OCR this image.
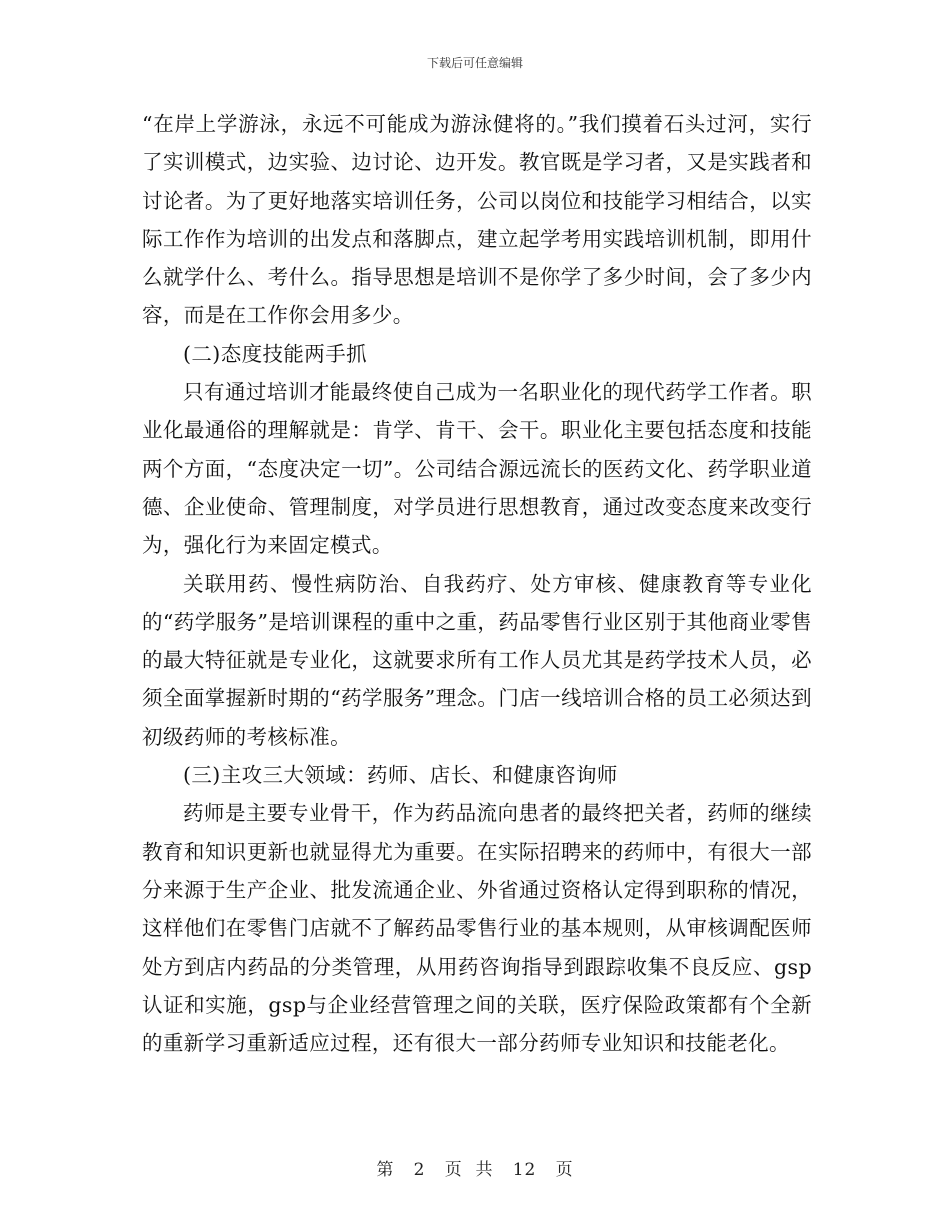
下载后可任意编辑

“在岸上学游泳，永远不可能成为游泳健将的。”我们摸着石头过河，实行了实训模式，边实验、边讨论、边开发。教官既是学习者，又是实践者和讨论者。为了更好地落实培训任务，公司以岗位和技能学习相结合，以实际工作作为培训的出发点和落脚点，建立起学考用实践培训机制，即用什么就学什么、考什么。指导思想是培训不是你学了多少时间，会了多少内容，而是在工作你会用多少。

(二)态度技能两手抓

只有通过培训才能最终使自己成为一名职业化的现代药学工作者。职业化最通俗的理解就是：肯学、肯干、会干。职业化主要包括态度和技能两个方面，“态度决定一切”。公司结合源远流长的医药文化、药学职业道德、企业使命、管理制度，对学员进行思想教育，通过改变态度来改变行为，强化行为来固定模式。

关联用药、慢性病防治、自我药疗、处方审核、健康教育等专业化的“药学服务”是培训课程的重中之重，药品零售行业区别于其他商业零售的最大特征就是专业化，这就要求所有工作人员尤其是药学技术人员，必须全面掌握新时期的“药学服务”理念。门店一线培训合格的员工必须达到初级药师的考核标准。

(三)主攻三大领域：药师、店长、和健康咨询师

药师是主要专业骨干，作为药品流向患者的最终把关者，药师的继续教育和知识更新也就显得尤为重要。在实际招聘来的药师中，有很大一部分来源于生产企业、批发流通企业、外省通过资格认定得到职称的情况，这样他们在零售门店就不了解药品零售行业的基本规则，从审核调配医师处方到店内药品的分类管理，从用药咨询指导到跟踪收集不良反应、gsp认证和实施，gsp与企业经营管理之间的关联，医疗保险政策都有个全新的重新学习重新适应过程，还有很大一部分药师专业知识和技能老化。

第 2 页  共 12 页
